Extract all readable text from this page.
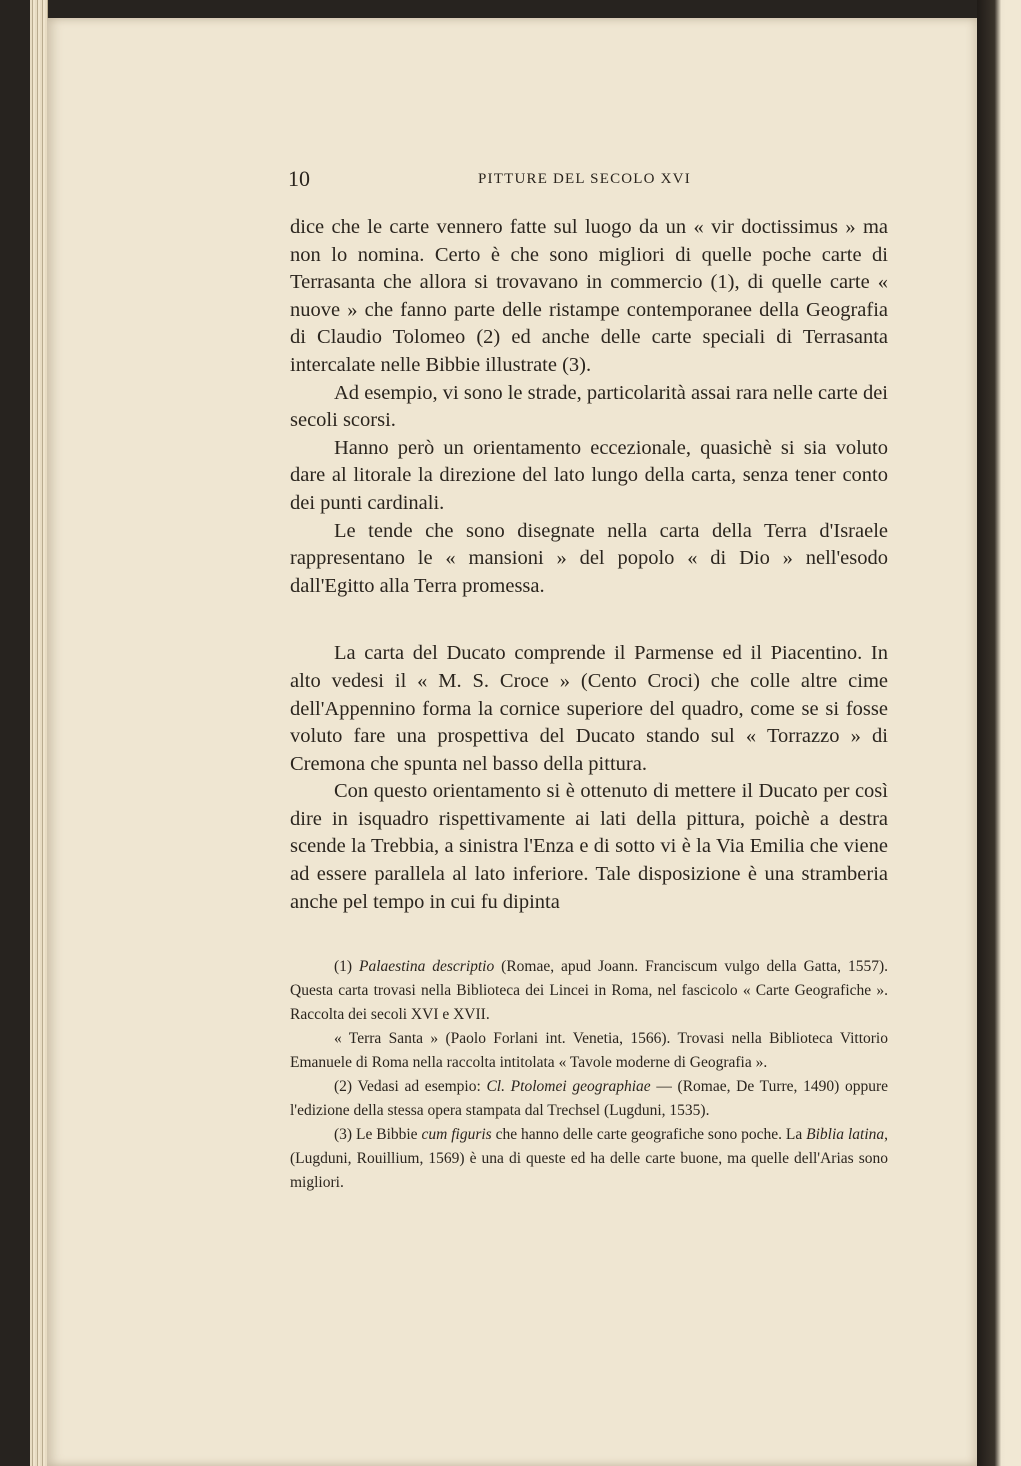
10	PITTURE DEL SECOLO XVI

dice che le carte vennero fatte sul luogo da un « vir doctissimus » ma non lo nomina. Certo è che sono migliori di quelle poche carte di Terrasanta che allora si trovavano in commercio (1), di quelle carte « nuove » che fanno parte delle ristampe contemporanee della Geografia di Claudio Tolomeo (2) ed anche delle carte speciali di Terrasanta intercalate nelle Bibbie illustrate (3).

Ad esempio, vi sono le strade, particolarità assai rara nelle carte dei secoli scorsi.

Hanno però un orientamento eccezionale, quasichè si sia voluto dare al litorale la direzione del lato lungo della carta, senza tener conto dei punti cardinali.

Le tende che sono disegnate nella carta della Terra d'Israele rappresentano le « mansioni » del popolo « di Dio » nell'esodo dall'Egitto alla Terra promessa.

La carta del Ducato comprende il Parmense ed il Piacentino. In alto vedesi il « M. S. Croce » (Cento Croci) che colle altre cime dell'Appennino forma la cornice superiore del quadro, come se si fosse voluto fare una prospettiva del Ducato stando sul « Torrazzo » di Cremona che spunta nel basso della pittura.

Con questo orientamento si è ottenuto di mettere il Ducato per così dire in isquadro rispettivamente ai lati della pittura, poichè a destra scende la Trebbia, a sinistra l'Enza e di sotto vi è la Via Emilia che viene ad essere parallela al lato inferiore. Tale disposizione è una stramberia anche pel tempo in cui fu dipinta

(1) Palaestina descriptio (Romae, apud Joann. Franciscum vulgo della Gatta, 1557). Questa carta trovasi nella Biblioteca dei Lincei in Roma, nel fascicolo « Carte Geografiche ». Raccolta dei secoli XVI e XVII.

« Terra Santa » (Paolo Forlani int. Venetia, 1566). Trovasi nella Biblioteca Vittorio Emanuele di Roma nella raccolta intitolata « Tavole moderne di Geografia ».

(2) Vedasi ad esempio: Cl. Ptolomei geographiae — (Romae, De Turre, 1490) oppure l'edizione della stessa opera stampata dal Trechsel (Lugduni, 1535).

(3) Le Bibbie cum figuris che hanno delle carte geografiche sono poche. La Biblia latina, (Lugduni, Rouillium, 1569) è una di queste ed ha delle carte buone, ma quelle dell'Arias sono migliori.
